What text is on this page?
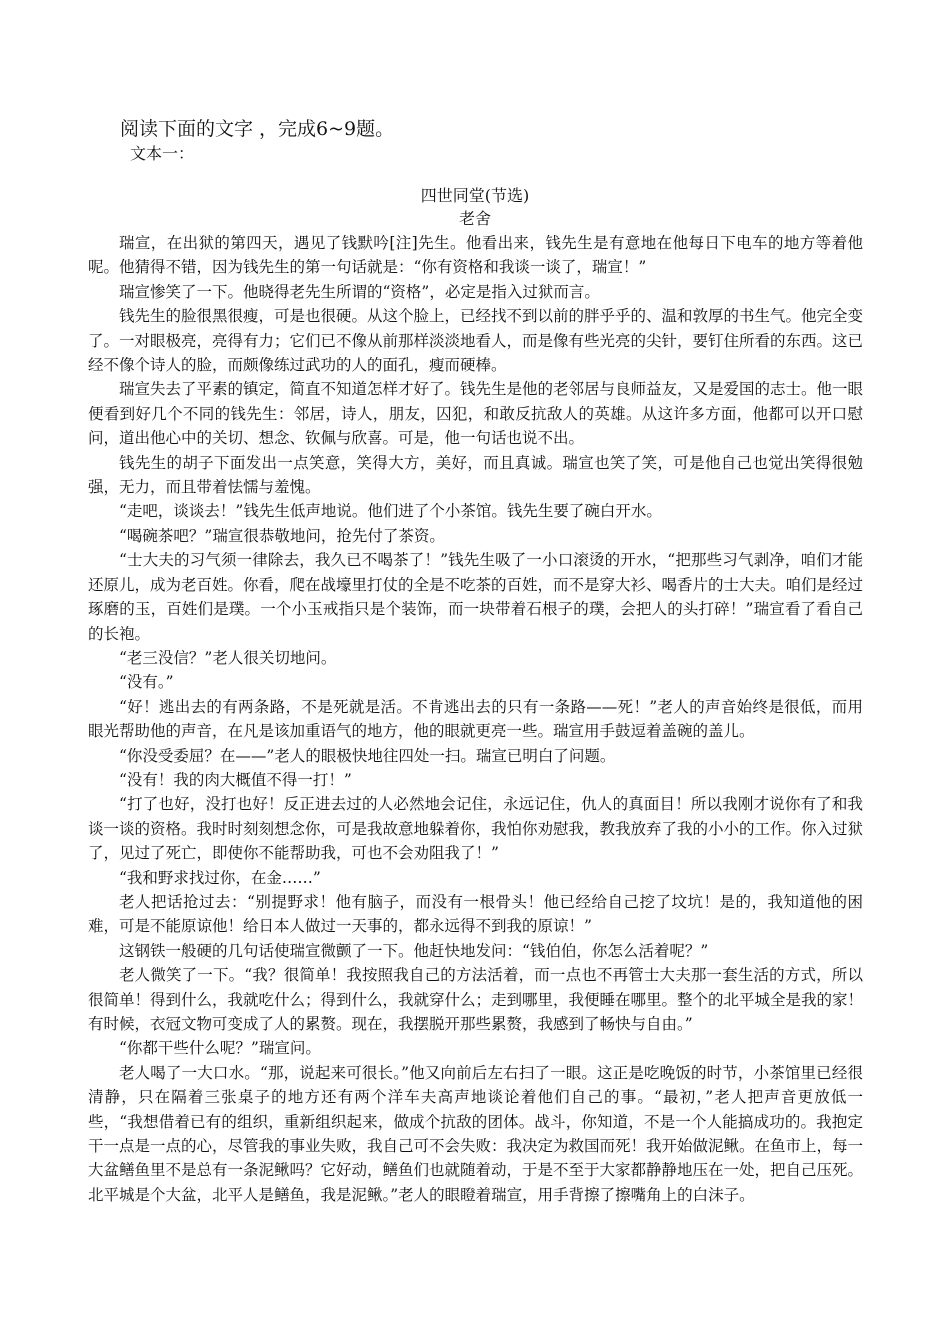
阅读下面的文字 ，完成6~9题。
文本一：
四世同堂(节选)
老舍

瑞宣，在出狱的第四天，遇见了钱默吟[注]先生。他看出来，钱先生是有意地在他每日下电车的地方等着他呢。他猜得不错，因为钱先生的第一句话就是：“你有资格和我谈一谈了，瑞宣！”

瑞宣惨笑了一下。他晓得老先生所谓的“资格”，必定是指入过狱而言。

钱先生的脸很黑很瘦，可是也很硬。从这个脸上，已经找不到以前的胖乎乎的、温和敦厚的书生气。他完全变了。一对眼极亮，亮得有力；它们已不像从前那样淡淡地看人，而是像有些光亮的尖针，要钉住所看的东西。这已经不像个诗人的脸，而颇像练过武功的人的面孔，瘦而硬棒。

瑞宣失去了平素的镇定，简直不知道怎样才好了。钱先生是他的老邻居与良师益友，又是爱国的志士。他一眼便看到好几个不同的钱先生：邻居，诗人，朋友，囚犯，和敢反抗敌人的英雄。从这许多方面，他都可以开口慰问，道出他心中的关切、想念、钦佩与欣喜。可是，他一句话也说不出。

钱先生的胡子下面发出一点笑意，笑得大方，美好，而且真诚。瑞宣也笑了笑，可是他自己也觉出笑得很勉强，无力，而且带着怯懦与羞愧。

“走吧，谈谈去！”钱先生低声地说。他们进了个小茶馆。钱先生要了碗白开水。

“喝碗茶吧？”瑞宣很恭敬地问，抢先付了茶资。

“士大夫的习气须一律除去，我久已不喝茶了！”钱先生吸了一小口滚烫的开水，“把那些习气剥净，咱们才能还原儿，成为老百姓。你看，爬在战壕里打仗的全是不吃茶的百姓，而不是穿大衫、喝香片的士大夫。咱们是经过琢磨的玉，百姓们是璞。一个小玉戒指只是个装饰，而一块带着石根子的璞，会把人的头打碎！”瑞宣看了看自己的长袍。

“老三没信？”老人很关切地问。

“没有。”

“好！逃出去的有两条路，不是死就是活。不肯逃出去的只有一条路——死！”老人的声音始终是很低，而用眼光帮助他的声音，在凡是该加重语气的地方，他的眼就更亮一些。瑞宣用手鼓逗着盖碗的盖儿。

“你没受委屈？在——”老人的眼极快地往四处一扫。瑞宣已明白了问题。

“没有！我的肉大概值不得一打！”

“打了也好，没打也好！反正进去过的人必然地会记住，永远记住，仇人的真面目！所以我刚才说你有了和我谈一谈的资格。我时时刻刻想念你，可是我故意地躲着你，我怕你劝慰我，教我放弃了我的小小的工作。你入过狱了，见过了死亡，即使你不能帮助我，可也不会劝阻我了！”

“我和野求找过你，在金……”

老人把话抢过去：“别提野求！他有脑子，而没有一根骨头！他已经给自己挖了坟坑！是的，我知道他的困难，可是不能原谅他！给日本人做过一天事的，都永远得不到我的原谅！”

这钢铁一般硬的几句话使瑞宣微颤了一下。他赶快地发问：“钱伯伯，你怎么活着呢？”

老人微笑了一下。“我？很简单！我按照我自己的方法活着，而一点也不再管士大夫那一套生活的方式，所以很简单！得到什么，我就吃什么；得到什么，我就穿什么；走到哪里，我便睡在哪里。整个的北平城全是我的家！有时候，衣冠文物可变成了人的累赘。现在，我摆脱开那些累赘，我感到了畅快与自由。”

“你都干些什么呢？”瑞宣问。

老人喝了一大口水。“那，说起来可很长。”他又向前后左右扫了一眼。这正是吃晚饭的时节，小茶馆里已经很清静，只在隔着三张桌子的地方还有两个洋车夫高声地谈论着他们自己的事。“最初，”老人把声音更放低一些，“我想借着已有的组织，重新组织起来，做成个抗敌的团体。战斗，你知道，不是一个人能搞成功的。我抱定干一点是一点的心，尽管我的事业失败，我自己可不会失败：我决定为救国而死！我开始做泥鳅。在鱼市上，每一大盆鳝鱼里不是总有一条泥鳅吗？它好动，鳝鱼们也就随着动，于是不至于大家都静静地压在一处，把自己压死。北平城是个大盆，北平人是鳝鱼，我是泥鳅。”老人的眼瞪着瑞宣，用手背擦了擦嘴角上的白沫子。
